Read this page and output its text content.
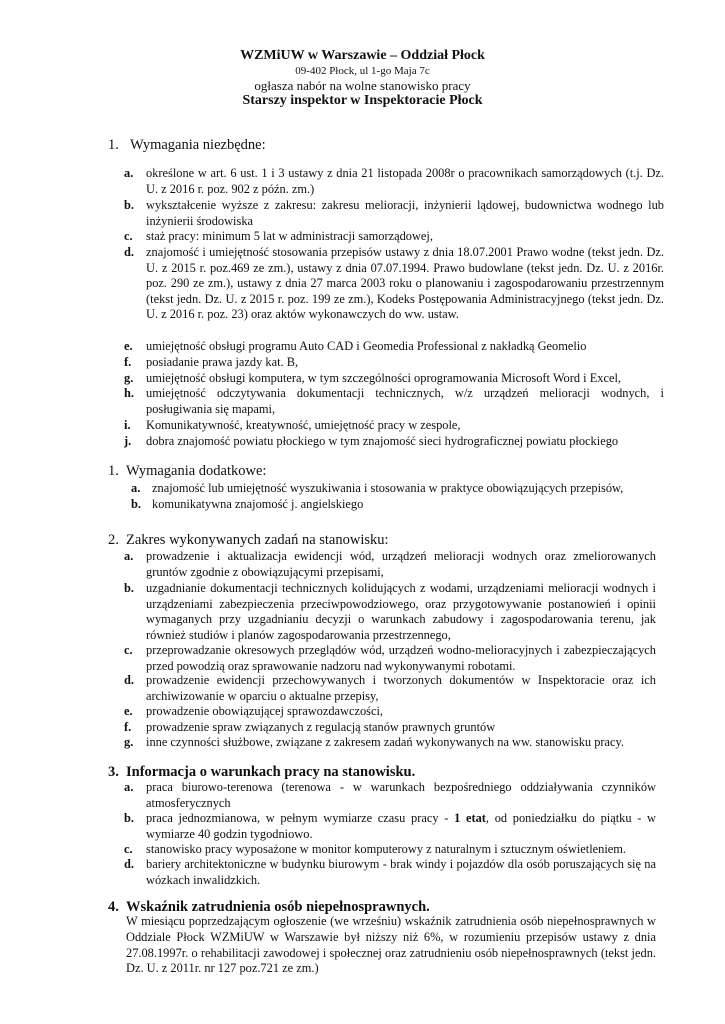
WZMiUW w Warszawie – Oddział Płock
09-402 Płock, ul 1-go Maja 7c
ogłasza nabór na wolne stanowisko pracy
Starszy inspektor w Inspektoracie Płock
1. Wymagania niezbędne:
a. określone w art. 6 ust. 1 i 3 ustawy z dnia 21 listopada 2008r o pracownikach samorządowych (t.j. Dz. U. z 2016 r. poz. 902 z późn. zm.)
b. wykształcenie wyższe z zakresu: zakresu melioracji, inżynierii lądowej, budownictwa wodnego lub inżynierii środowiska
c. staż pracy: minimum 5 lat w administracji samorządowej,
d. znajomość i umiejętność stosowania przepisów ustawy z dnia 18.07.2001 Prawo wodne (tekst jedn. Dz. U. z 2015 r. poz.469 ze zm.), ustawy z dnia 07.07.1994. Prawo budowlane (tekst jedn. Dz. U. z 2016r. poz. 290 ze zm.), ustawy z dnia 27 marca 2003 roku o planowaniu i zagospodarowaniu przestrzennym (tekst jedn. Dz. U. z 2015 r. poz. 199 ze zm.), Kodeks Postępowania Administracyjnego (tekst jedn. Dz. U. z 2016 r. poz. 23) oraz aktów wykonawczych do ww. ustaw.
e. umiejętność obsługi programu Auto CAD i Geomedia Professional z nakładką Geomelio
f. posiadanie prawa jazdy kat. B,
g. umiejętność obsługi komputera, w tym szczególności oprogramowania Microsoft Word i Excel,
h. umiejętność odczytywania dokumentacji technicznych, w/z urządzeń melioracji wodnych, i posługiwania się mapami,
i. Komunikatywność, kreatywność, umiejętność pracy w zespole,
j. dobra znajomość powiatu płockiego w tym znajomość sieci hydrograficznej powiatu płockiego
1. Wymagania dodatkowe:
a. znajomość lub umiejętność wyszukiwania i stosowania w praktyce obowiązujących przepisów,
b. komunikatywna znajomość j. angielskiego
2. Zakres wykonywanych zadań na stanowisku:
a. prowadzenie i aktualizacja ewidencji wód, urządzeń melioracji wodnych oraz zmeliorowanych gruntów zgodnie z obowiązującymi przepisami,
b. uzgadnianie dokumentacji technicznych kolidujących z wodami, urządzeniami melioracji wodnych i urządzeniami zabezpieczenia przeciwpowodziowego, oraz przygotowywanie postanowień i opinii wymaganych przy uzgadnianiu decyzji o warunkach zabudowy i zagospodarowania terenu, jak również studiów i planów zagospodarowania przestrzennego,
c. przeprowadzanie okresowych przeglądów wód, urządzeń wodno-melioracyjnych i zabezpieczających przed powodzią oraz sprawowanie nadzoru nad wykonywanymi robotami.
d. prowadzenie ewidencji przechowywanych i tworzonych dokumentów w Inspektoracie oraz ich archiwizowanie w oparciu o aktualne przepisy,
e. prowadzenie obowiązującej sprawozdawczości,
f. prowadzenie spraw związanych z regulacją stanów prawnych gruntów
g. inne czynności służbowe, związane z zakresem zadań wykonywanych na ww. stanowisku pracy.
3. Informacja o warunkach pracy na stanowisku.
a. praca biurowo-terenowa (terenowa - w warunkach bezpośredniego oddziaływania czynników atmosferycznych
b. praca jednozmianowa, w pełnym wymiarze czasu pracy - 1 etat, od poniedziałku do piątku - w wymiarze 40 godzin tygodniowo.
c. stanowisko pracy wyposażone w monitor komputerowy z naturalnym i sztucznym oświetleniem.
d. bariery architektoniczne w budynku biurowym - brak windy i pojazdów dla osób poruszających się na wózkach inwalidzkich.
4. Wskaźnik zatrudnienia osób niepełnosprawnych.
W miesiącu poprzedzającym ogłoszenie (we wrześniu) wskaźnik zatrudnienia osób niepełnosprawnych w Oddziale Płock WZMiUW w Warszawie był niższy niż 6%, w rozumieniu przepisów ustawy z dnia 27.08.1997r. o rehabilitacji zawodowej i społecznej oraz zatrudnieniu osób niepełnosprawnych (tekst jedn. Dz. U. z 2011r. nr 127 poz.721 ze zm.)
